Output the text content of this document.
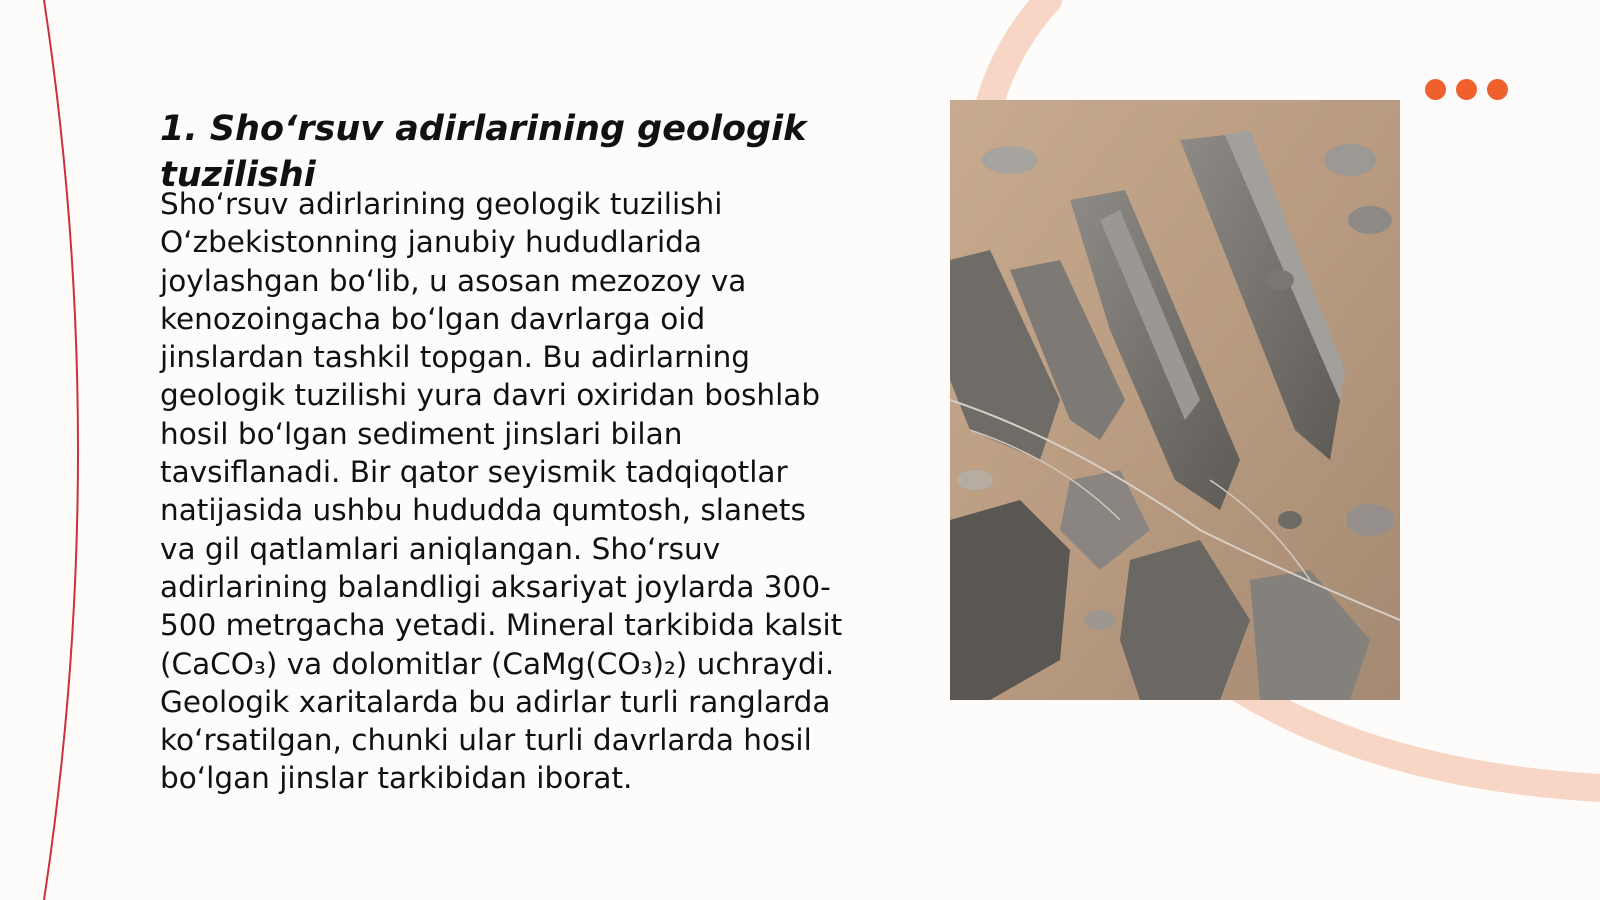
1. Sho‘rsuv adirlarining geologik tuzilishi

Sho‘rsuv adirlarining geologik tuzilishi O‘zbekistonning janubiy hududlarida joylashgan bo‘lib, u asosan mezozoy va kenozoingacha bo‘lgan davrlarga oid jinslardan tashkil topgan. Bu adirlarning geologik tuzilishi yura davri oxiridan boshlab hosil bo‘lgan sediment jinslari bilan tavsiflanadi. Bir qator seyismik tadqiqotlar natijasida ushbu hududda qumtosh, slanets va gil qatlamlari aniqlangan. Sho‘rsuv adirlarining balandligi aksariyat joylarda 300-500 metrgacha yetadi. Mineral tarkibida kalsit (CaCO₃) va dolomitlar (CaMg(CO₃)₂) uchraydi. Geologik xaritalarda bu adirlar turli ranglarda ko‘rsatilgan, chunki ular turli davrlarda hosil bo‘lgan jinslar tarkibidan iborat.
